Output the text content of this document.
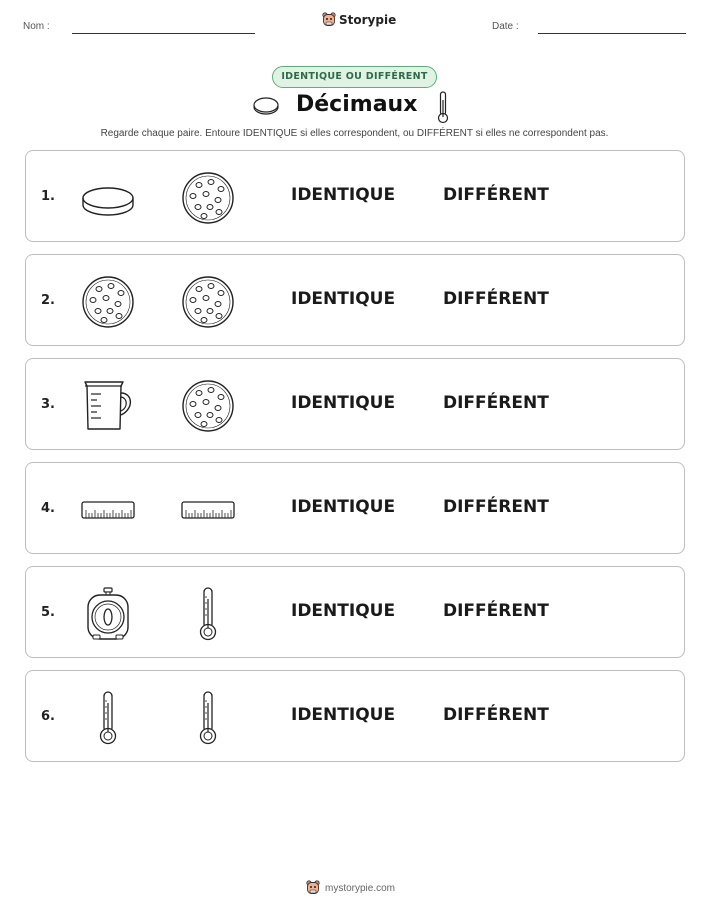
Nom :	Storypie	Date :
IDENTIQUE OU DIFFÉRENT
Décimaux
Regarde chaque paire. Entoure IDENTIQUE si elles correspondent, ou DIFFÉRENT si elles ne correspondent pas.
1.	IDENTIQUE	DIFFÉRENT
2.	IDENTIQUE	DIFFÉRENT
3.	IDENTIQUE	DIFFÉRENT
4.	IDENTIQUE	DIFFÉRENT
5.	IDENTIQUE	DIFFÉRENT
6.	IDENTIQUE	DIFFÉRENT
mystorypie.com
